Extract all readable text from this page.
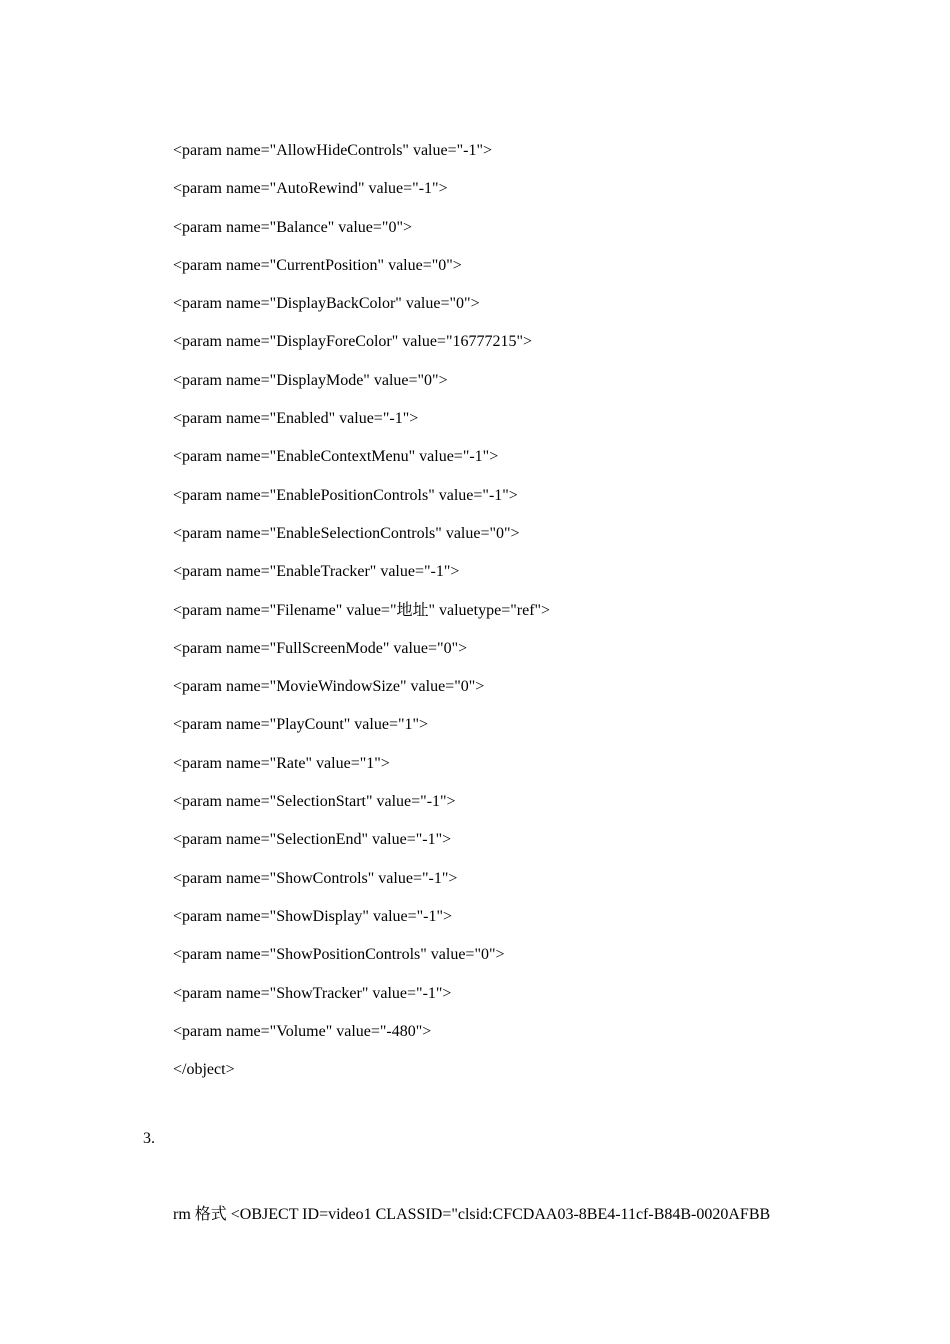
<param name="AllowHideControls" value="-1">
<param name="AutoRewind" value="-1">
<param name="Balance" value="0">
<param name="CurrentPosition" value="0">
<param name="DisplayBackColor" value="0">
<param name="DisplayForeColor" value="16777215">
<param name="DisplayMode" value="0">
<param name="Enabled" value="-1">
<param name="EnableContextMenu" value="-1">
<param name="EnablePositionControls" value="-1">
<param name="EnableSelectionControls" value="0">
<param name="EnableTracker" value="-1">
<param name="Filename" value="地址" valuetype="ref">
<param name="FullScreenMode" value="0">
<param name="MovieWindowSize" value="0">
<param name="PlayCount" value="1">
<param name="Rate" value="1">
<param name="SelectionStart" value="-1">
<param name="SelectionEnd" value="-1">
<param name="ShowControls" value="-1">
<param name="ShowDisplay" value="-1">
<param name="ShowPositionControls" value="0">
<param name="ShowTracker" value="-1">
<param name="Volume" value="-480">
</object>
3.
rm 格式 <OBJECT ID=video1 CLASSID="clsid:CFCDAA03-8BE4-11cf-B84B-0020AFBB
